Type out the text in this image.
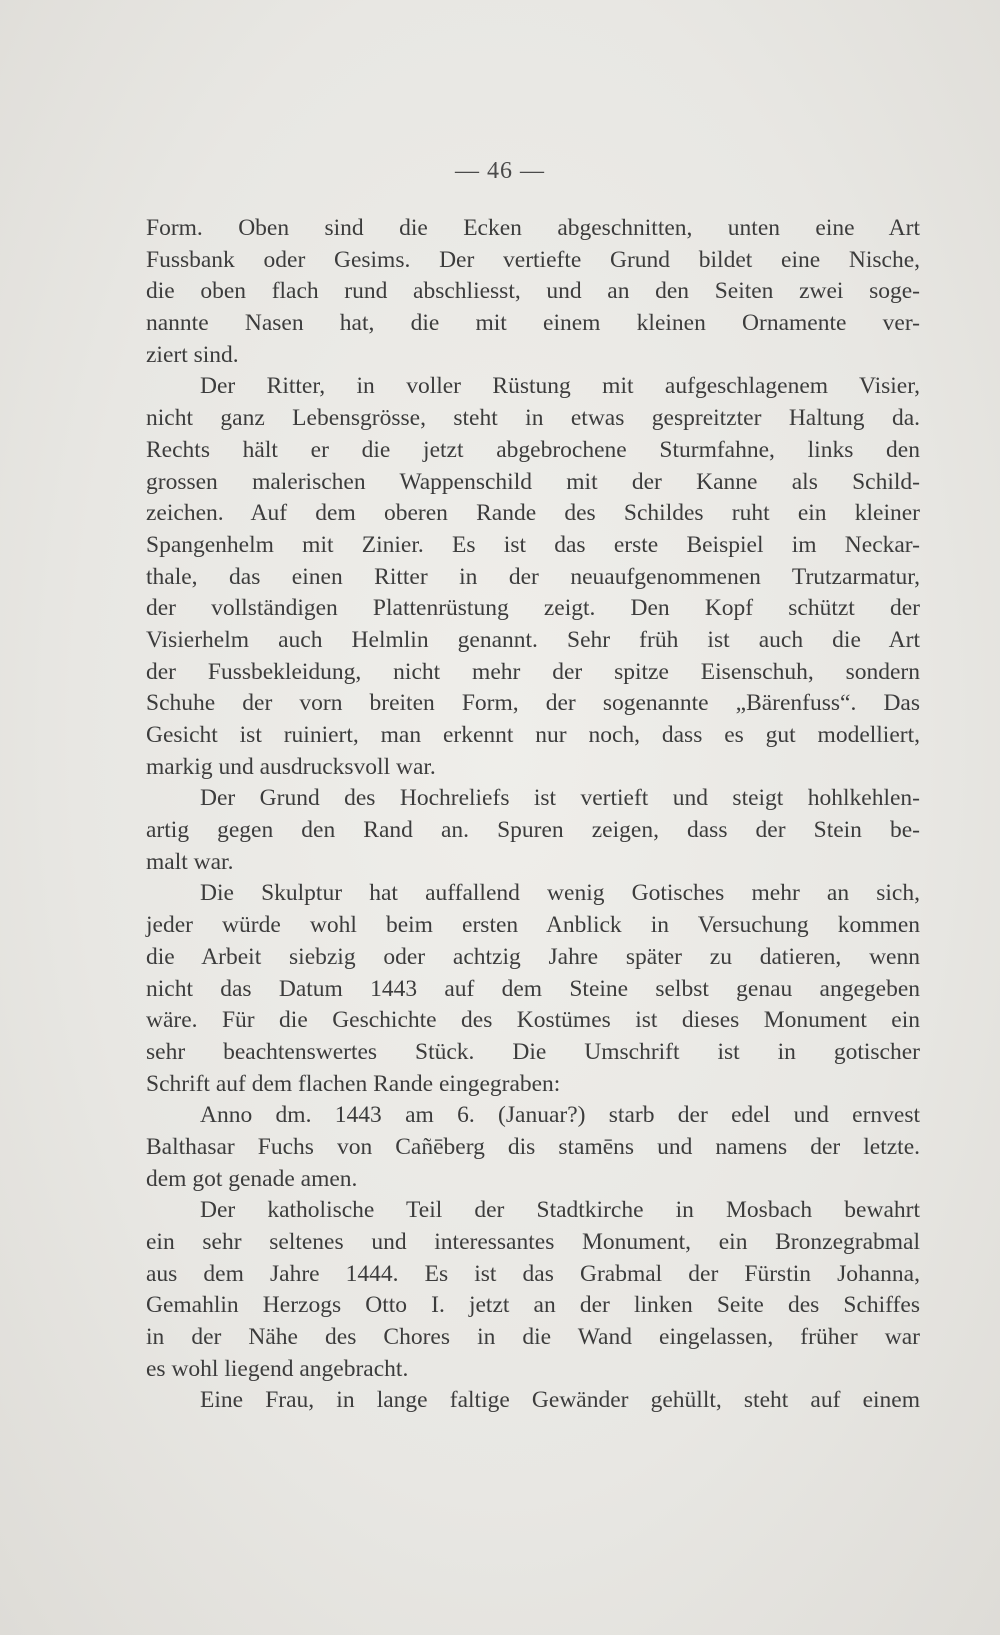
— 46 —
Form. Oben sind die Ecken abgeschnitten, unten eine Art
Fussbank oder Gesims. Der vertiefte Grund bildet eine Nische,
die oben flach rund abschliesst, und an den Seiten zwei soge-
nannte Nasen hat, die mit einem kleinen Ornamente ver-
ziert sind.
Der Ritter, in voller Rüstung mit aufgeschlagenem Visier,
nicht ganz Lebensgrösse, steht in etwas gespreitzter Haltung da.
Rechts hält er die jetzt abgebrochene Sturmfahne, links den
grossen malerischen Wappenschild mit der Kanne als Schild-
zeichen. Auf dem oberen Rande des Schildes ruht ein kleiner
Spangenhelm mit Zinier. Es ist das erste Beispiel im Neckar-
thale, das einen Ritter in der neuaufgenommenen Trutzarmatur,
der vollständigen Plattenrüstung zeigt. Den Kopf schützt der
Visierhelm auch Helmlin genannt. Sehr früh ist auch die Art
der Fussbekleidung, nicht mehr der spitze Eisenschuh, sondern
Schuhe der vorn breiten Form, der sogenannte „Bärenfuss“. Das
Gesicht ist ruiniert, man erkennt nur noch, dass es gut modelliert,
markig und ausdrucksvoll war.
Der Grund des Hochreliefs ist vertieft und steigt hohlkehlen-
artig gegen den Rand an. Spuren zeigen, dass der Stein be-
malt war.
Die Skulptur hat auffallend wenig Gotisches mehr an sich,
jeder würde wohl beim ersten Anblick in Versuchung kommen
die Arbeit siebzig oder achtzig Jahre später zu datieren, wenn
nicht das Datum 1443 auf dem Steine selbst genau angegeben
wäre. Für die Geschichte des Kostümes ist dieses Monument ein
sehr beachtenswertes Stück. Die Umschrift ist in gotischer
Schrift auf dem flachen Rande eingegraben:
Anno dm. 1443 am 6. (Januar?) starb der edel und ernvest
Balthasar Fuchs von Cañēberg dis stamēns und namens der letzte.
dem got genade amen.
Der katholische Teil der Stadtkirche in Mosbach bewahrt
ein sehr seltenes und interessantes Monument, ein Bronzegrabmal
aus dem Jahre 1444. Es ist das Grabmal der Fürstin Johanna,
Gemahlin Herzogs Otto I. jetzt an der linken Seite des Schiffes
in der Nähe des Chores in die Wand eingelassen, früher war
es wohl liegend angebracht.
Eine Frau, in lange faltige Gewänder gehüllt, steht auf einem
